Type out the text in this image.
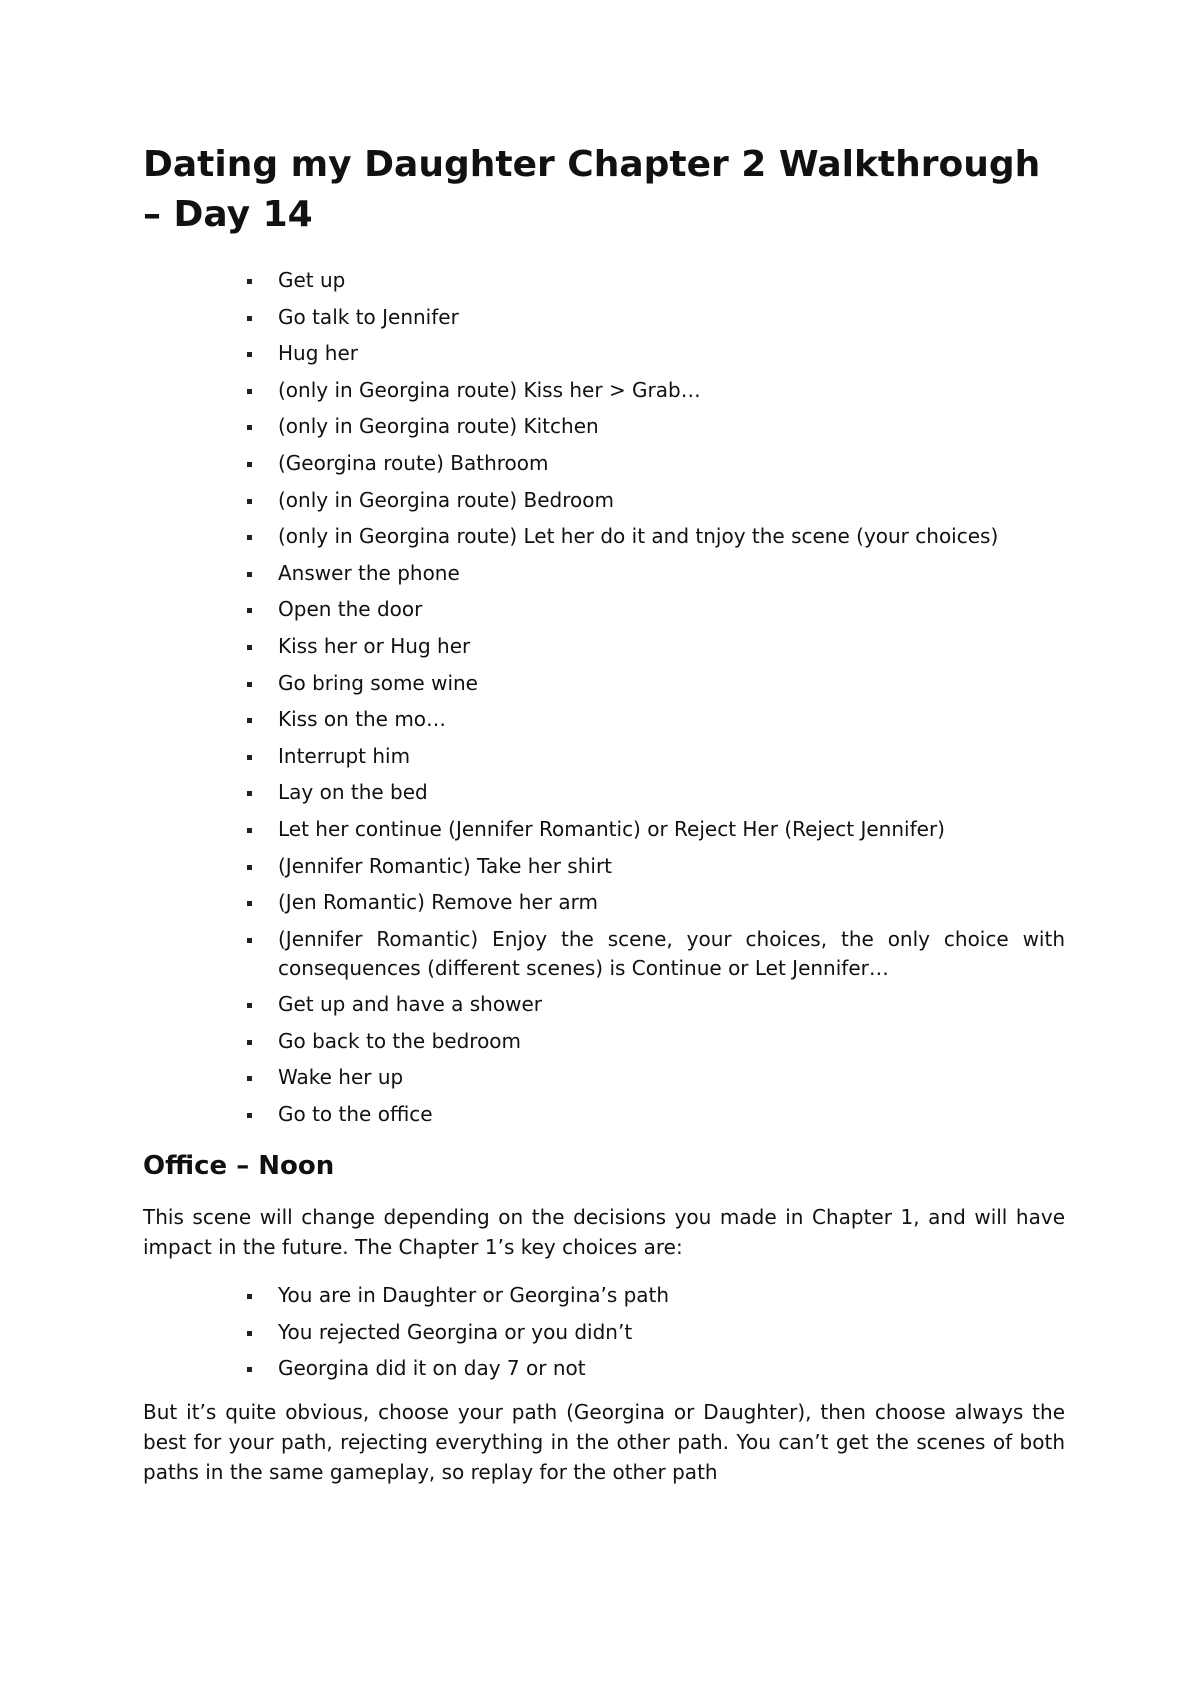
Dating my Daughter Chapter 2 Walkthrough – Day 14
Get up
Go talk to Jennifer
Hug her
(only in Georgina route) Kiss her > Grab…
(only in Georgina route) Kitchen
(Georgina route) Bathroom
(only in Georgina route) Bedroom
(only in Georgina route) Let her do it and tnjoy the scene (your choices)
Answer the phone
Open the door
Kiss her or Hug her
Go bring some wine
Kiss on the mo…
Interrupt him
Lay on the bed
Let her continue (Jennifer Romantic) or Reject Her (Reject Jennifer)
(Jennifer Romantic) Take her shirt
(Jen Romantic) Remove her arm
(Jennifer Romantic) Enjoy the scene, your choices, the only choice with consequences (different scenes) is Continue or Let Jennifer…
Get up and have a shower
Go back to the bedroom
Wake her up
Go to the office
Office – Noon

This scene will change depending on the decisions you made in Chapter 1, and will have impact in the future. The Chapter 1’s key choices are:

You are in Daughter or Georgina’s path
You rejected Georgina or you didn’t
Georgina did it on day 7 or not

But it’s quite obvious, choose your path (Georgina or Daughter), then choose always the best for your path, rejecting everything in the other path. You can’t get the scenes of both paths in the same gameplay, so replay for the other path
